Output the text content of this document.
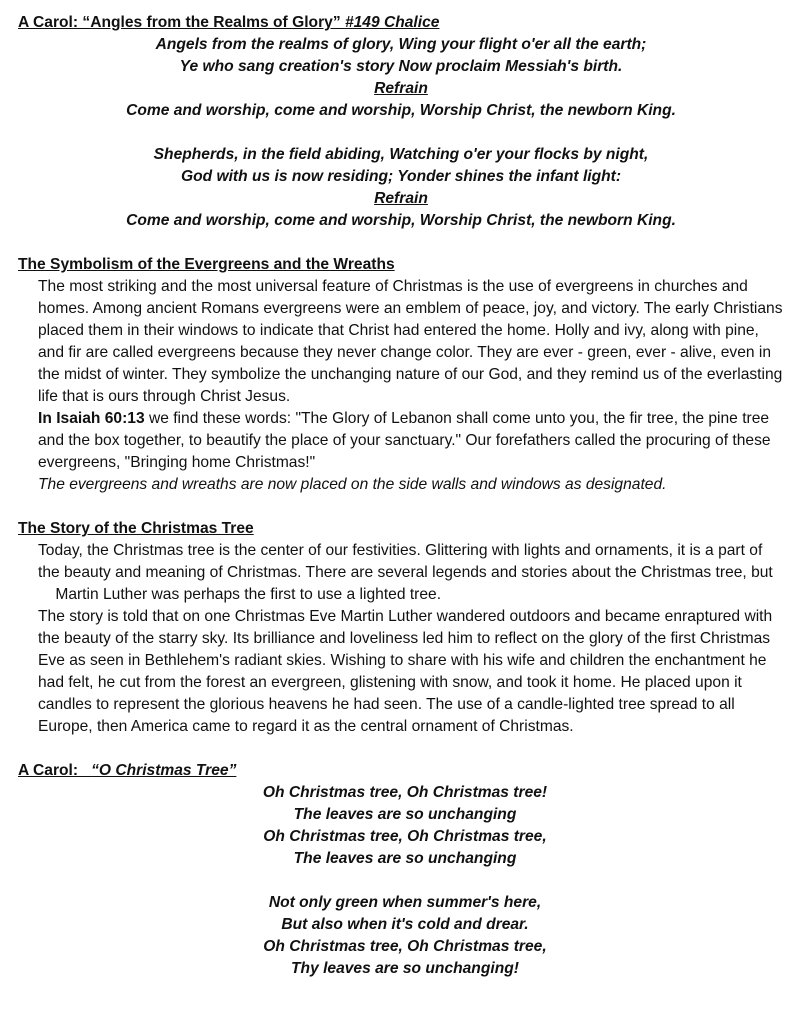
A Carol: “Angles from the Realms of Glory” #149 Chalice
Angels from the realms of glory, Wing your flight o'er all the earth;
Ye who sang creation's story Now proclaim Messiah's birth.
Refrain
Come and worship, come and worship, Worship Christ, the newborn King.
Shepherds, in the field abiding, Watching o'er your flocks by night,
God with us is now residing; Yonder shines the infant light:
Refrain
Come and worship, come and worship, Worship Christ, the newborn King.
The Symbolism of the Evergreens and the Wreaths

The most striking and the most universal feature of Christmas is the use of evergreens in churches and homes. Among ancient Romans evergreens were an emblem of peace, joy, and victory. The early Christians placed them in their windows to indicate that Christ had entered the home. Holly and ivy, along with pine, and fir are called evergreens because they never change color. They are ever - green, ever - alive, even in the midst of winter. They symbolize the unchanging nature of our God, and they remind us of the everlasting life that is ours through Christ Jesus.

In Isaiah 60:13 we find these words: "The Glory of Lebanon shall come unto you, the fir tree, the pine tree and the box together, to beautify the place of your sanctuary." Our forefathers called the procuring of these evergreens, "Bringing home Christmas!"

The evergreens and wreaths are now placed on the side walls and windows as designated.

The Story of the Christmas Tree

Today, the Christmas tree is the center of our festivities. Glittering with lights and ornaments, it is a part of the beauty and meaning of Christmas. There are several legends and stories about the Christmas tree, but     Martin Luther was perhaps the first to use a lighted tree.

The story is told that on one Christmas Eve Martin Luther wandered outdoors and became enraptured with the beauty of the starry sky. Its brilliance and loveliness led him to reflect on the glory of the first Christmas Eve as seen in Bethlehem's radiant skies. Wishing to share with his wife and children the enchantment he had felt, he cut from the forest an evergreen, glistening with snow, and took it home. He placed upon it candles to represent the glorious heavens he had seen. The use of a candle-lighted tree spread to all Europe, then America came to regard it as the central ornament of Christmas.

A Carol:   “O Christmas Tree”
Oh Christmas tree, Oh Christmas tree!
The leaves are so unchanging
Oh Christmas tree, Oh Christmas tree,
The leaves are so unchanging
Not only green when summer's here,
But also when it's cold and drear.
Oh Christmas tree, Oh Christmas tree,
Thy leaves are so unchanging!
